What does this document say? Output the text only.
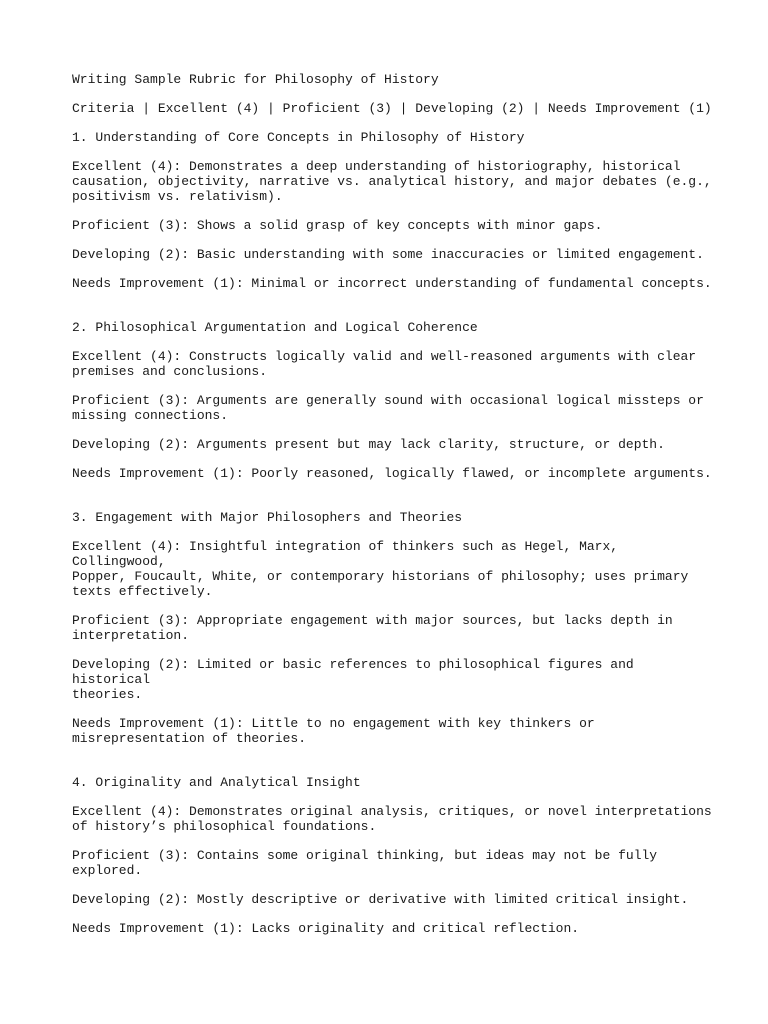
Writing Sample Rubric for Philosophy of History

Criteria | Excellent (4) | Proficient (3) | Developing (2) | Needs Improvement (1)

1. Understanding of Core Concepts in Philosophy of History

Excellent (4): Demonstrates a deep understanding of historiography, historical
causation, objectivity, narrative vs. analytical history, and major debates (e.g.,
positivism vs. relativism).

Proficient (3): Shows a solid grasp of key concepts with minor gaps.

Developing (2): Basic understanding with some inaccuracies or limited engagement.

Needs Improvement (1): Minimal or incorrect understanding of fundamental concepts.

2. Philosophical Argumentation and Logical Coherence

Excellent (4): Constructs logically valid and well-reasoned arguments with clear
premises and conclusions.

Proficient (3): Arguments are generally sound with occasional logical missteps or
missing connections.

Developing (2): Arguments present but may lack clarity, structure, or depth.

Needs Improvement (1): Poorly reasoned, logically flawed, or incomplete arguments.

3. Engagement with Major Philosophers and Theories

Excellent (4): Insightful integration of thinkers such as Hegel, Marx, Collingwood,
Popper, Foucault, White, or contemporary historians of philosophy; uses primary
texts effectively.

Proficient (3): Appropriate engagement with major sources, but lacks depth in
interpretation.

Developing (2): Limited or basic references to philosophical figures and historical
theories.

Needs Improvement (1): Little to no engagement with key thinkers or
misrepresentation of theories.

4. Originality and Analytical Insight

Excellent (4): Demonstrates original analysis, critiques, or novel interpretations
of history’s philosophical foundations.

Proficient (3): Contains some original thinking, but ideas may not be fully
explored.

Developing (2): Mostly descriptive or derivative with limited critical insight.

Needs Improvement (1): Lacks originality and critical reflection.
